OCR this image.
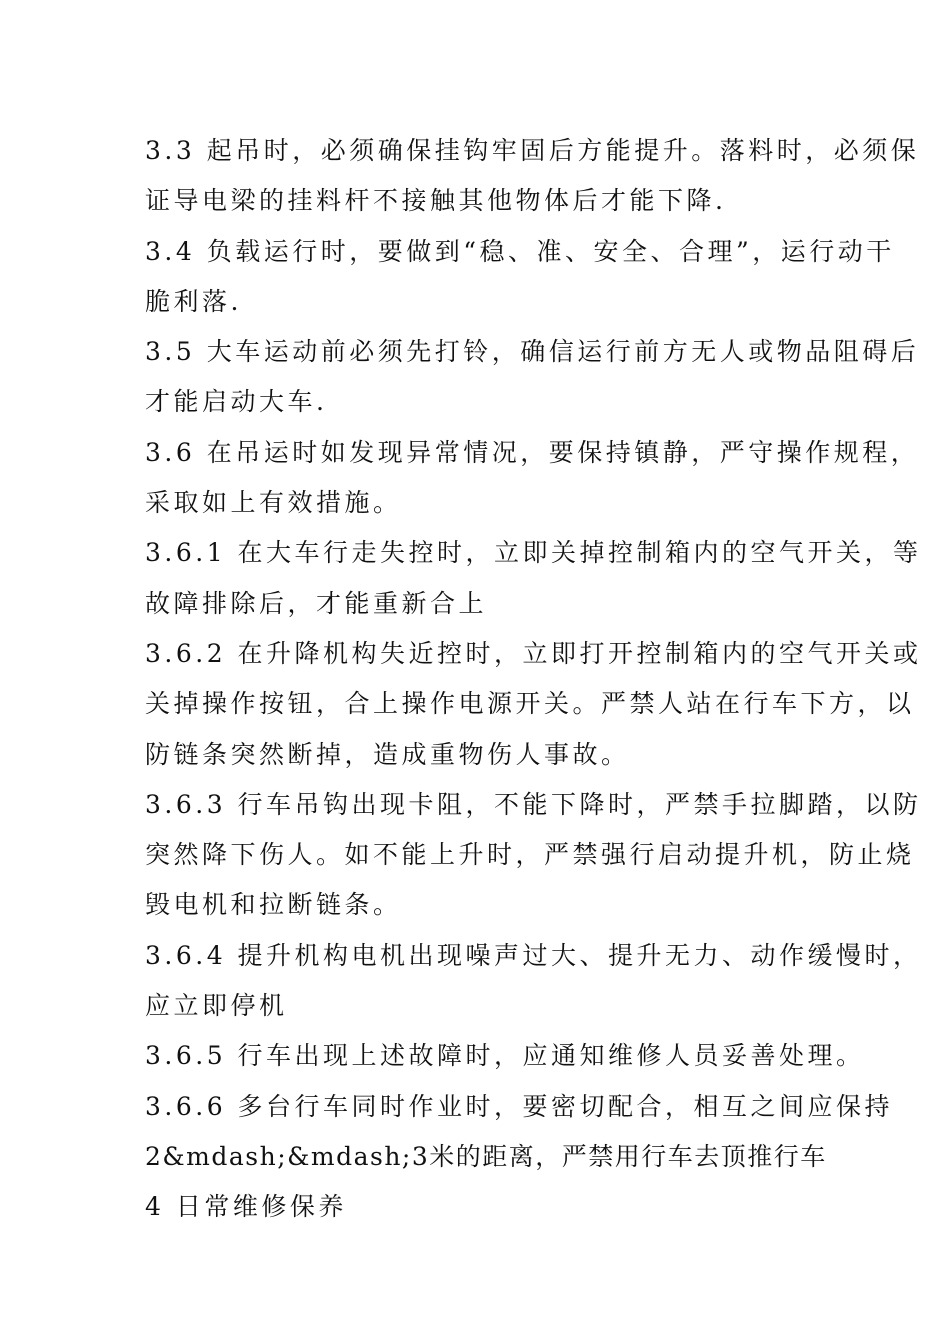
3.3 起吊时，必须确保挂钩牢固后方能提升。落料时，必须保
证导电梁的挂料杆不接触其他物体后才能下降.
3.4 负载运行时，要做到“稳、准、安全、合理”，运行动干
脆利落.
3.5 大车运动前必须先打铃，确信运行前方无人或物品阻碍后
才能启动大车.
3.6 在吊运时如发现异常情况，要保持镇静，严守操作规程，
采取如上有效措施。
3.6.1 在大车行走失控时，立即关掉控制箱内的空气开关，等
故障排除后，才能重新合上
3.6.2 在升降机构失近控时，立即打开控制箱内的空气开关或
关掉操作按钮，合上操作电源开关。严禁人站在行车下方，以
防链条突然断掉，造成重物伤人事故。
3.6.3 行车吊钩出现卡阻，不能下降时，严禁手拉脚踏，以防
突然降下伤人。如不能上升时，严禁强行启动提升机，防止烧
毁电机和拉断链条。
3.6.4 提升机构电机出现噪声过大、提升无力、动作缓慢时，
应立即停机
3.6.5 行车出现上述故障时，应通知维修人员妥善处理。
3.6.6 多台行车同时作业时，要密切配合，相互之间应保持
2&mdash;&mdash;3米的距离，严禁用行车去顶推行车
4 日常维修保养
